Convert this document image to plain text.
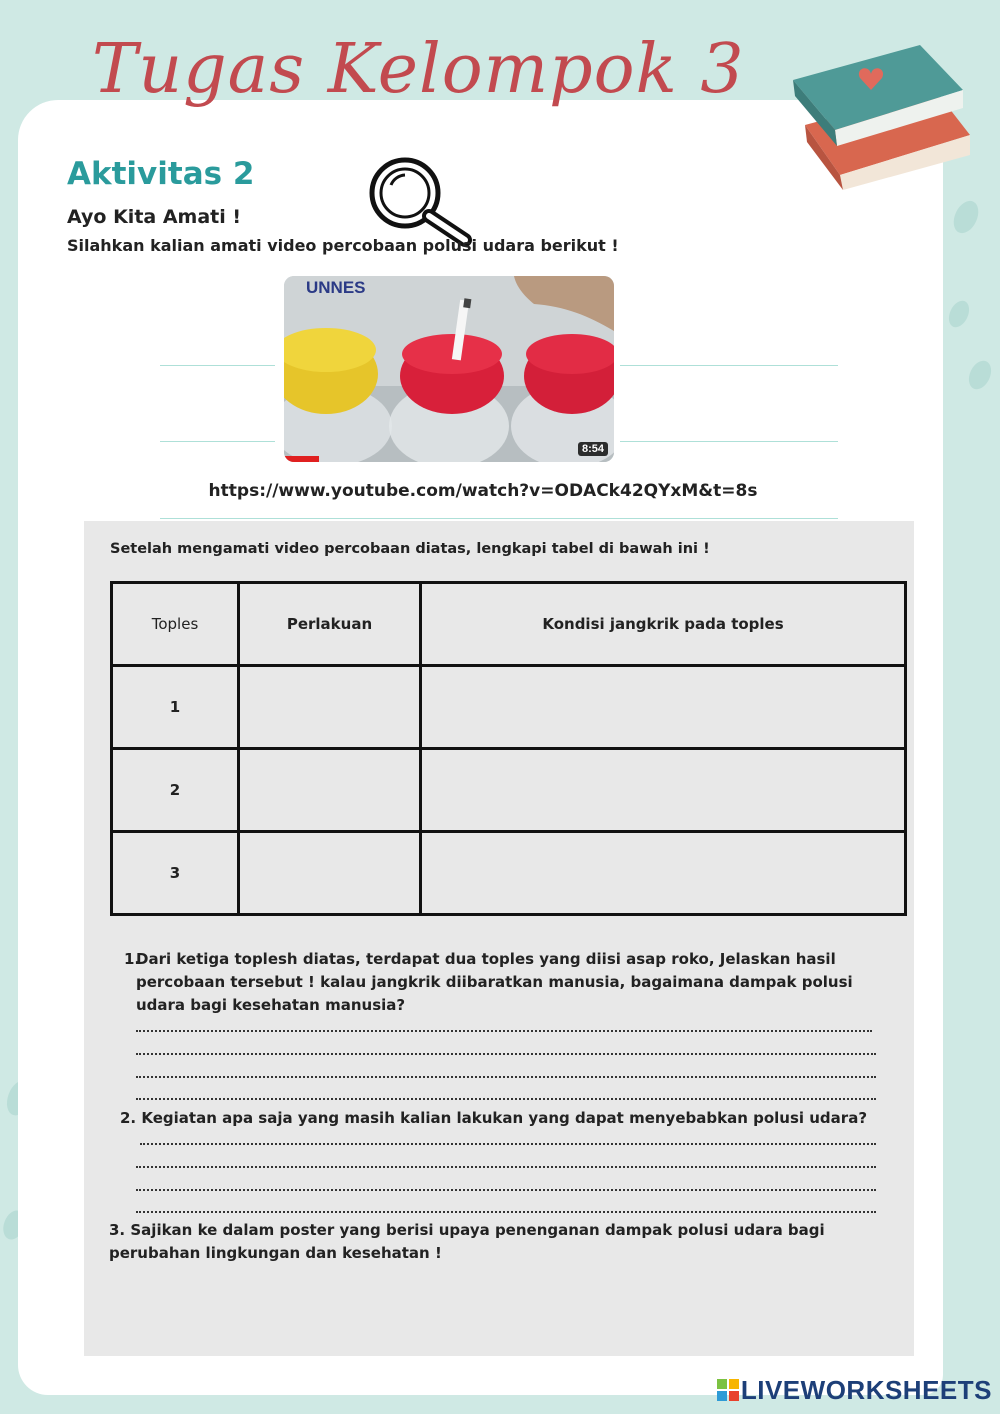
Tugas Kelompok 3
Aktivitas 2
Ayo Kita Amati !
Silahkan kalian amati video percobaan polusi udara berikut !
UNNES
8:54
https://www.youtube.com/watch?v=ODACk42QYxM&t=8s
Setelah mengamati video percobaan diatas, lengkapi tabel di bawah ini !
Toples	Perlakuan	Kondisi jangkrik pada toples
1		
2		
3		
1.
Dari ketiga toplesh diatas, terdapat dua toples yang diisi asap roko, Jelaskan hasil
percobaan tersebut ! kalau jangkrik diibaratkan manusia, bagaimana dampak polusi
udara bagi kesehatan manusia?
2. Kegiatan apa saja yang masih kalian lakukan yang dapat menyebabkan polusi udara?
3. Sajikan ke dalam poster yang berisi upaya penenganan dampak polusi udara bagi
perubahan lingkungan dan kesehatan !
LIVEWORKSHEETS
